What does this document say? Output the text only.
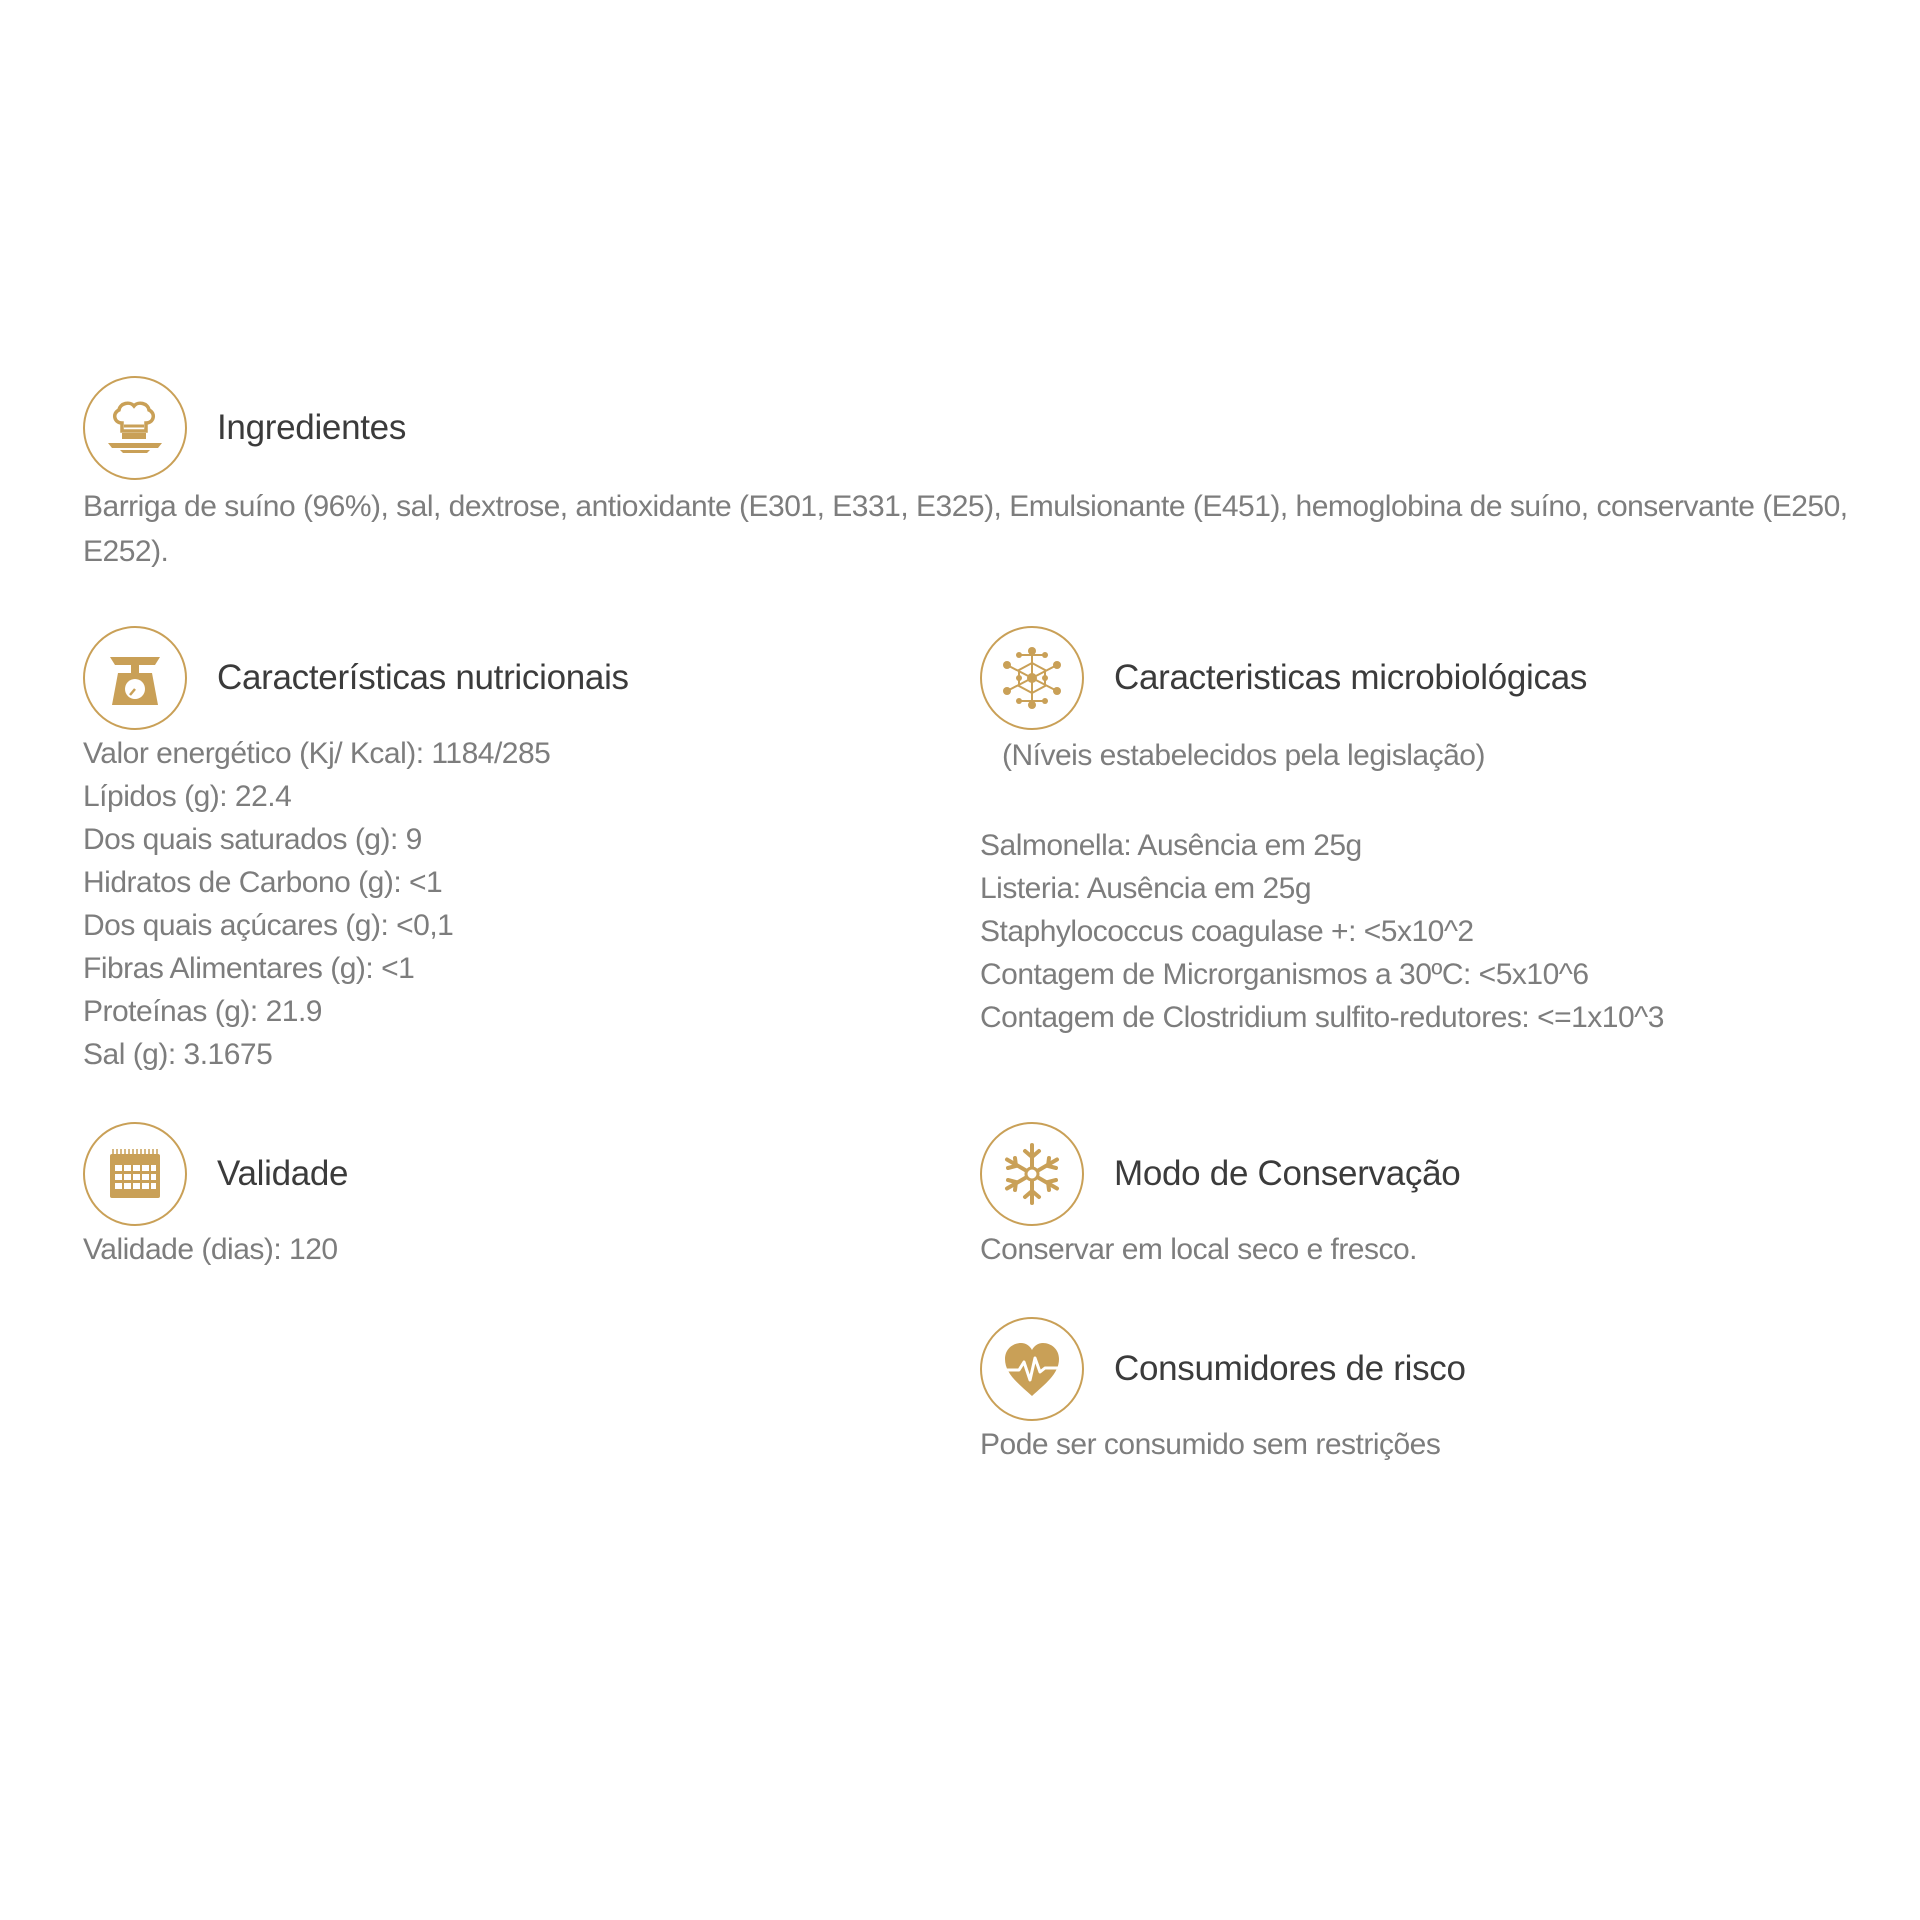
Ingredientes
Barriga de suíno (96%), sal, dextrose, antioxidante (E301, E331, E325), Emulsionante (E451), hemoglobina de suíno, conservante (E250, E252).
Características nutricionais
Valor energético (Kj/ Kcal): 1184/285
Lípidos (g): 22.4
Dos quais saturados (g): 9
Hidratos de Carbono (g): <1
Dos quais açúcares (g): <0,1
Fibras Alimentares (g): <1
Proteínas (g): 21.9
Sal (g): 3.1675
Caracteristicas microbiológicas
(Níveis estabelecidos pela legislação)
Salmonella: Ausência em 25g
Listeria: Ausência em 25g
Staphylococcus coagulase +: <5x10^2
Contagem de Microrganismos a 30ºC: <5x10^6
Contagem de Clostridium sulfito-redutores: <=1x10^3
Validade
Validade (dias): 120
Modo de Conservação
Conservar em local seco e fresco.
Consumidores de risco
Pode ser consumido sem restrições
